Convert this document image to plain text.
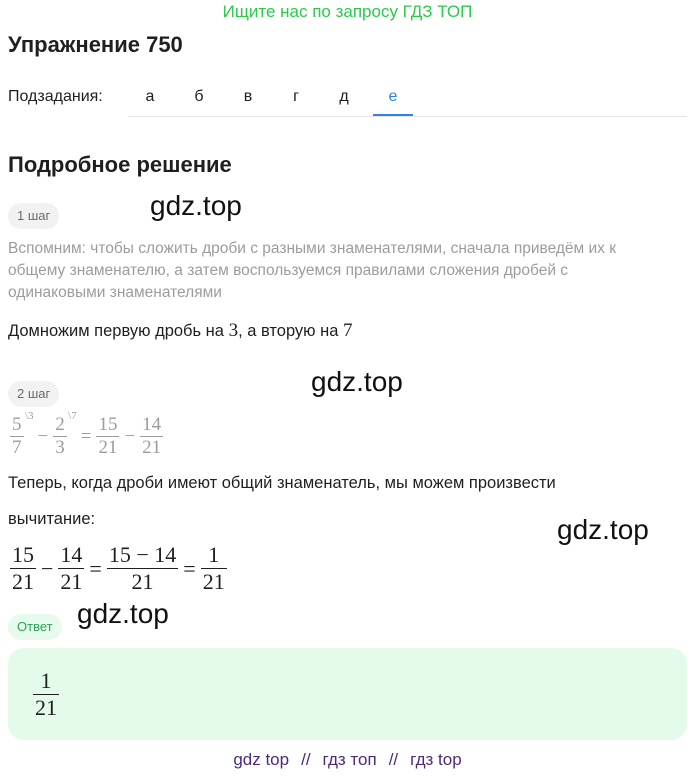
Ищите нас по запросу ГДЗ ТОП
Упражнение 750
Подзадания:	а	б	в	г	д	е
Подробное решение
1 шаг	gdz.top
Вспомним: чтобы сложить дроби с разными знаменателями, сначала приведём их к общему знаменателю, а затем воспользуемся правилами сложения дробей с одинаковыми знаменателями
Домножим первую дробь на 3, а вторую на 7
gdz.top
2 шаг
5
7
\3
−
2
3
\7
= $\frac{15}{21} - \frac{14}{21}$
Теперь, когда дроби имеют общий знаменатель, мы можем произвести
вычитание:	gdz.top
$\frac{15}{21} - \frac{14}{21} = \frac{15 - 14}{21} = \frac{1}{21}$
Ответ gdz.top
$\frac{1}{21}$
gdz top // гдз топ // гдз top
